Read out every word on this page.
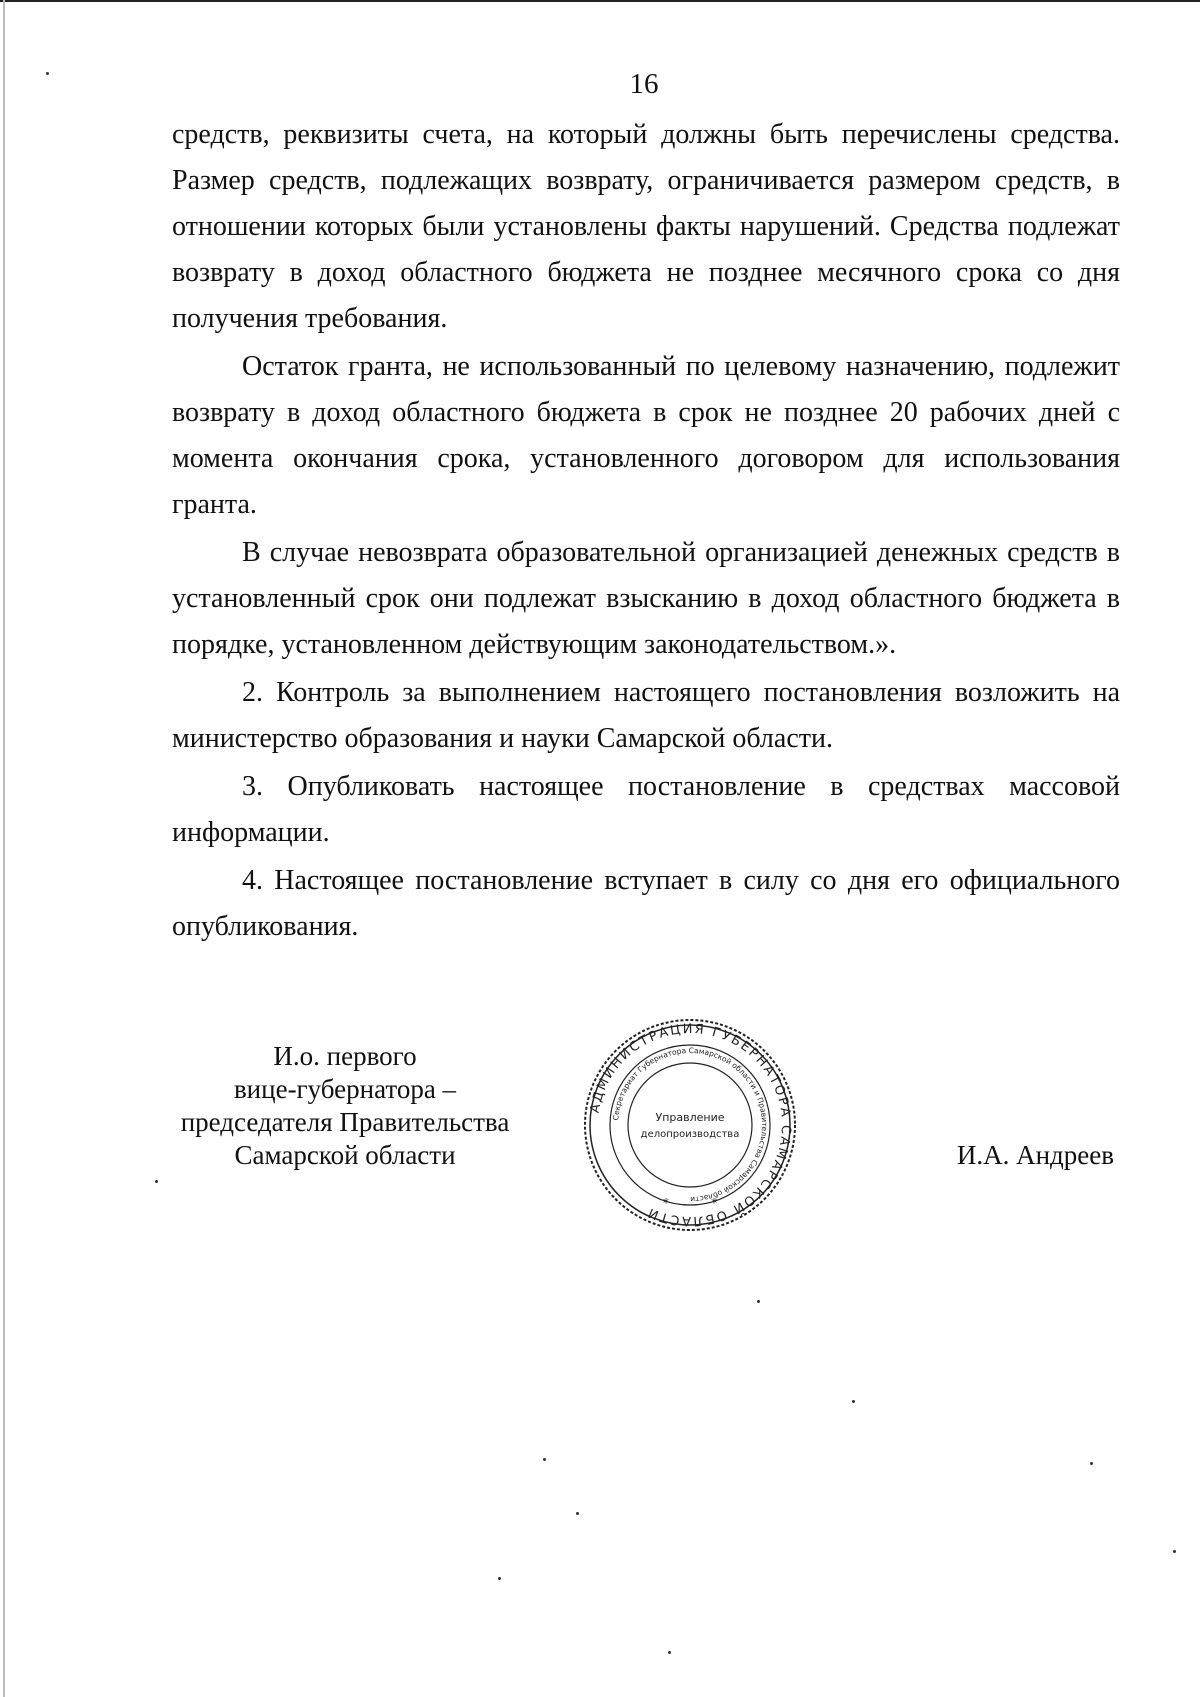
16

средств, реквизиты счета, на который должны быть перечислены средства. Размер средств, подлежащих возврату, ограничивается размером средств, в отношении которых были установлены факты нарушений. Средства подлежат возврату в доход областного бюджета не позднее месячного срока со дня получения требования.

Остаток гранта, не использованный по целевому назначению, подлежит возврату в доход областного бюджета в срок не позднее 20 рабочих дней с момента окончания срока, установленного договором для использования гранта.

В случае невозврата образовательной организацией денежных средств в установленный срок они подлежат взысканию в доход областного бюджета в порядке, установленном действующим законодательством.».

2. Контроль за выполнением настоящего постановления возложить на министерство образования и науки Самарской области.

3. Опубликовать настоящее постановление в средствах массовой информации.

4. Настоящее постановление вступает в силу со дня его официального опубликования.

И.о. первого
вице-губернатора –
председателя Правительства
Самарской области
АДМИНИСТРАЦИЯ ГУБЕРНАТОРА САМАРСКОЙ ОБЛАСТИ
Секретариат Губернатора Самарской области и Правительства Самарской области
Управление
делопроизводства
*	*
И.А. Андреев
